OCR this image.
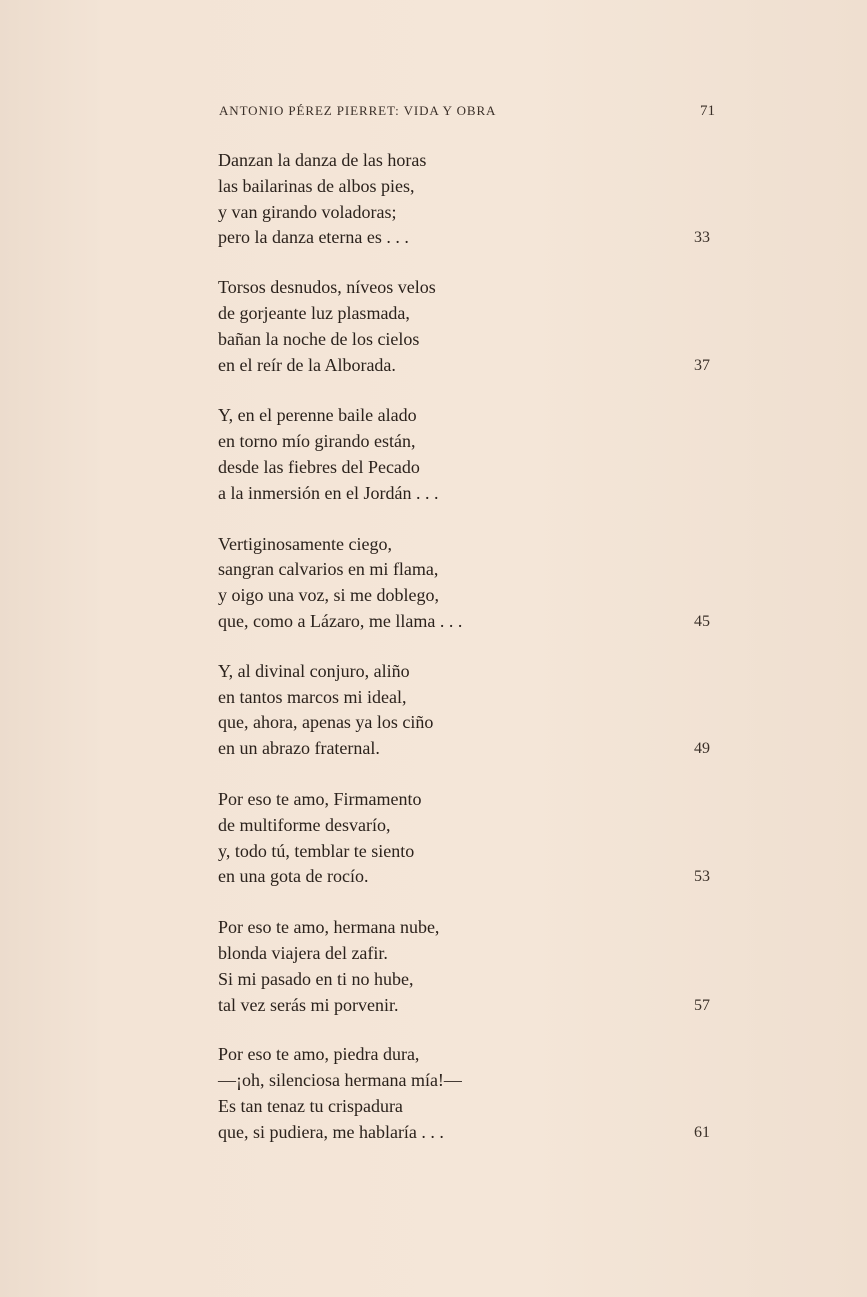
ANTONIO PÉREZ PIERRET: VIDA Y OBRA	71
Danzan la danza de las horas
las bailarinas de albos pies,
y van girando voladoras;
pero la danza eterna es . . .	33
Torsos desnudos, níveos velos
de gorjeante luz plasmada,
bañan la noche de los cielos
en el reír de la Alborada.	37
Y, en el perenne baile alado
en torno mío girando están,
desde las fiebres del Pecado
a la inmersión en el Jordán . . .
Vertiginosamente ciego,
sangran calvarios en mi flama,
y oigo una voz, si me doblego,
que, como a Lázaro, me llama . . .	45
Y, al divinal conjuro, aliño
en tantos marcos mi ideal,
que, ahora, apenas ya los ciño
en un abrazo fraternal.	49
Por eso te amo, Firmamento
de multiforme desvarío,
y, todo tú, temblar te siento
en una gota de rocío.	53
Por eso te amo, hermana nube,
blonda viajera del zafir.
Si mi pasado en ti no hube,
tal vez serás mi porvenir.	57
Por eso te amo, piedra dura,
—¡oh, silenciosa hermana mía!—
Es tan tenaz tu crispadura
que, si pudiera, me hablaría . . .	61
